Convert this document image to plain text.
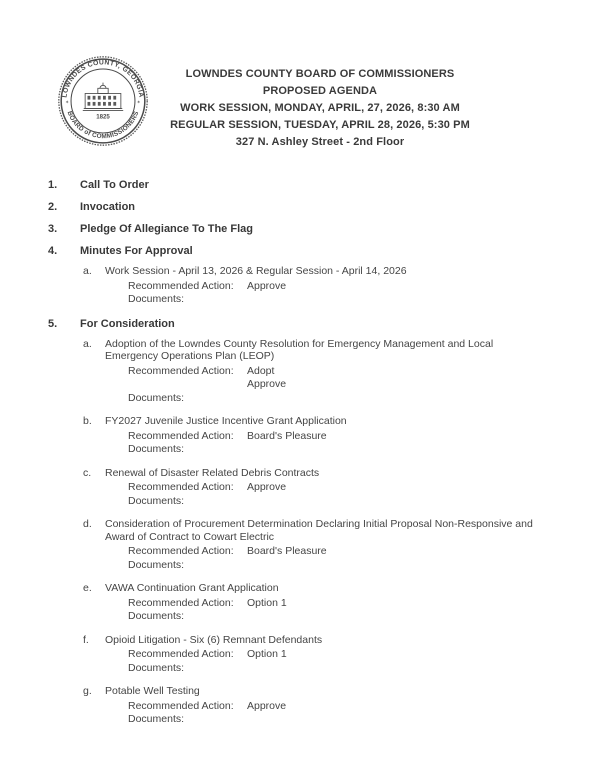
LOWNDES COUNTY, GEORGIA
BOARD of COMMISSIONERS
✶	✶
1825
LOWNDES COUNTY BOARD OF COMMISSIONERS
PROPOSED AGENDA
WORK SESSION, MONDAY, APRIL, 27, 2026, 8:30 AM
REGULAR SESSION, TUESDAY, APRIL 28, 2026, 5:30 PM
327 N. Ashley Street - 2nd Floor
1.	Call To Order
2.	Invocation
3.	Pledge Of Allegiance To The Flag
4.	Minutes For Approval
a.	Work Session - April 13, 2026 & Regular Session - April 14, 2026
Recommended Action:	Approve
Documents:
5.	For Consideration
a.	Adoption of the Lowndes County Resolution for Emergency Management and Local Emergency Operations Plan (LEOP)
Recommended Action:	Adopt
Approve
Documents:
b.	FY2027 Juvenile Justice Incentive Grant Application
Recommended Action:	Board's Pleasure
Documents:
c.	Renewal of Disaster Related Debris Contracts
Recommended Action:	Approve
Documents:
d.	Consideration of Procurement Determination Declaring Initial Proposal Non-Responsive and Award of Contract to Cowart Electric
Recommended Action:	Board's Pleasure
Documents:
e.	VAWA Continuation Grant Application
Recommended Action:	Option 1
Documents:
f.	Opioid Litigation - Six (6) Remnant Defendants
Recommended Action:	Option 1
Documents:
g.	Potable Well Testing
Recommended Action:	Approve
Documents:
